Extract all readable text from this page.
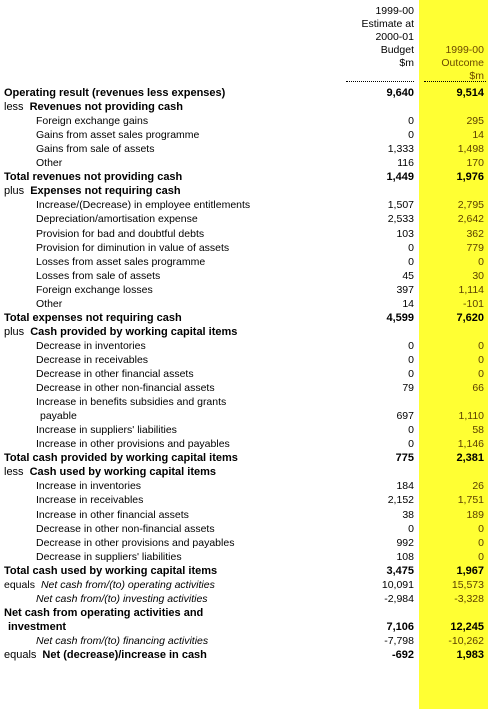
1999-00
Estimate at
2000-01
Budget
$m
1999-00
Outcome
$m
Operating result (revenues less expenses)	9,640	9,514
less Revenues not providing cash
Foreign exchange gains	0	295
Gains from asset sales programme	0	14
Gains from sale of assets	1,333	1,498
Other	116	170
Total revenues not providing cash	1,449	1,976
plus Expenses not requiring cash
Increase/(Decrease) in employee entitlements	1,507	2,795
Depreciation/amortisation expense	2,533	2,642
Provision for bad and doubtful debts	103	362
Provision for diminution in value of assets	0	779
Losses from asset sales programme	0	0
Losses from sale of assets	45	30
Foreign exchange losses	397	1,114
Other	14	-101
Total expenses not requiring cash	4,599	7,620
plus Cash provided by working capital items
Decrease in inventories	0	0
Decrease in receivables	0	0
Decrease in other financial assets	0	0
Decrease in other non-financial assets	79	66
Increase in benefits subsidies and grants
payable	697	1,110
Increase in suppliers' liabilities	0	58
Increase in other provisions and payables	0	1,146
Total cash provided by working capital items	775	2,381
less Cash used by working capital items
Increase in inventories	184	26
Increase in receivables	2,152	1,751
Increase in other financial assets	38	189
Decrease in other non-financial assets	0	0
Decrease in other provisions and payables	992	0
Decrease in suppliers' liabilities	108	0
Total cash used by working capital items	3,475	1,967
equals Net cash from/(to) operating activities	10,091	15,573
Net cash from/(to) investing activities	-2,984	-3,328
Net cash from operating activities and
investment	7,106	12,245
Net cash from/(to) financing activities	-7,798	-10,262
equals Net (decrease)/increase in cash	-692	1,983
